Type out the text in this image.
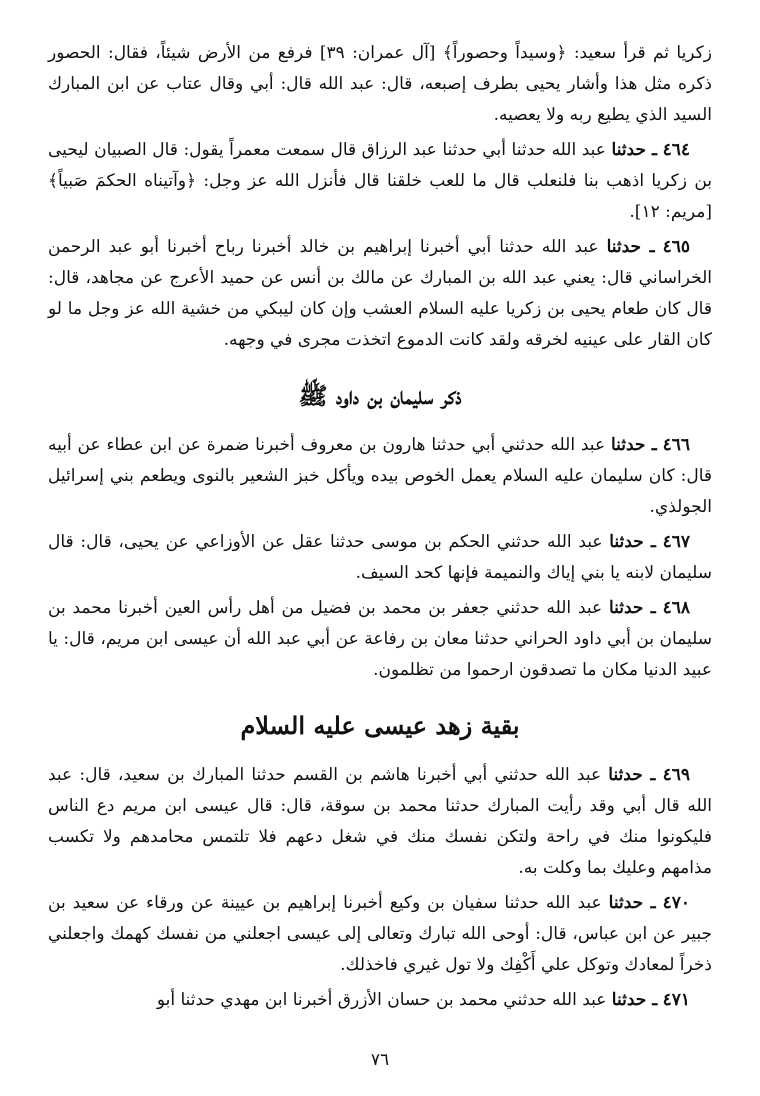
زكريا ثم قرأ سعيد: ﴿وسيداً وحصوراً﴾ [آل عمران: ٣٩] فرفع من الأرض شيئاً، فقال: الحصور ذكره مثل هذا وأشار يحيى بطرف إصبعه، قال: عبد الله قال: أبي وقال عتاب عن ابن المبارك السيد الذي يطيع ربه ولا يعصيه.

٤٦٤ ـ حدثنا عبد الله حدثنا أبي حدثنا عبد الرزاق قال سمعت معمراً يقول: قال الصبيان ليحيى بن زكريا اذهب بنا فلنعلب قال ما للعب خلقنا قال فأنزل الله عز وجل: ﴿وآتيناه الحكمَ صَبياً﴾ [مريم: ١٢].

٤٦٥ ـ حدثنا عبد الله حدثنا أبي أخبرنا إبراهيم بن خالد أخبرنا رباح أخبرنا أبو عبد الرحمن الخراساني قال: يعني عبد الله بن المبارك عن مالك بن أنس عن حميد الأعرج عن مجاهد، قال: قال كان طعام يحيى بن زكريا عليه السلام العشب وإن كان ليبكي من خشية الله عز وجل ما لو كان القار على عينيه لخرقه ولقد كانت الدموع اتخذت مجرى في وجهه.

ذكر سليمان بن داود ﷺ

٤٦٦ ـ حدثنا عبد الله حدثني أبي حدثنا هارون بن معروف أخبرنا ضمرة عن ابن عطاء عن أبيه قال: كان سليمان عليه السلام يعمل الخوص بيده ويأكل خبز الشعير بالنوى ويطعم بني إسرائيل الجولذي.

٤٦٧ ـ حدثنا عبد الله حدثني الحكم بن موسى حدثنا عقل عن الأوزاعي عن يحيى، قال: قال سليمان لابنه يا بني إياك والنميمة فإنها كحد السيف.

٤٦٨ ـ حدثنا عبد الله حدثني جعفر بن محمد بن فضيل من أهل رأس العين أخبرنا محمد بن سليمان بن أبي داود الحراني حدثنا معان بن رفاعة عن أبي عبد الله أن عيسى ابن مريم، قال: يا عبيد الدنيا مكان ما تصدقون ارحموا من تظلمون.

بقية زهد عيسى عليه السلام

٤٦٩ ـ حدثنا عبد الله حدثني أبي أخبرنا هاشم بن القسم حدثنا المبارك بن سعيد، قال: عبد الله قال أبي وقد رأيت المبارك حدثنا محمد بن سوقة، قال: قال عيسى ابن مريم دع الناس فليكونوا منك في راحة ولتكن نفسك منك في شغل دعهم فلا تلتمس محامدهم ولا تكسب مذامهم وعليك بما وكلت به.

٤٧٠ ـ حدثنا عبد الله حدثنا سفيان بن وكيع أخبرنا إبراهيم بن عيينة عن ورقاء عن سعيد بن جبير عن ابن عباس، قال: أوحى الله تبارك وتعالى إلى عيسى اجعلني من نفسك كهمك واجعلني ذخراً لمعادك وتوكل علي أَكْفِك ولا تول غيري فاخذلك.

٤٧١ ـ حدثنا عبد الله حدثني محمد بن حسان الأزرق أخبرنا ابن مهدي حدثنا أبو

٧٦
